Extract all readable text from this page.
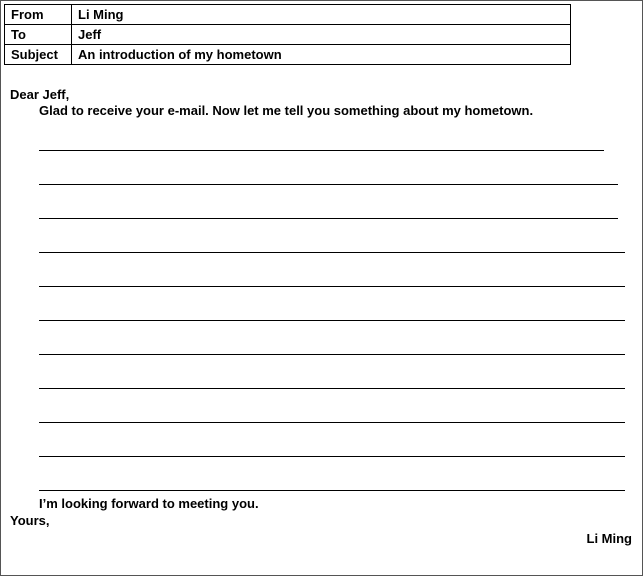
From	Li Ming
To	Jeff
Subject	An introduction of my hometown
Dear Jeff,
Glad to receive your e-mail. Now let me tell you something about my hometown.
I’m looking forward to meeting you.
Yours,
Li Ming
